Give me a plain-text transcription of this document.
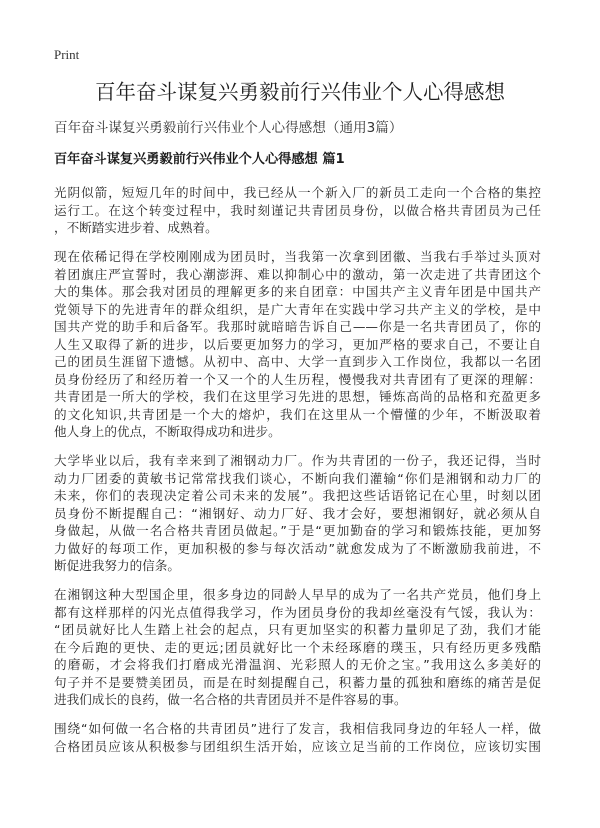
Print
百年奋斗谋复兴勇毅前行兴伟业个人心得感想
百年奋斗谋复兴勇毅前行兴伟业个人心得感想（通用3篇）
百年奋斗谋复兴勇毅前行兴伟业个人心得感想 篇1
光阴似箭，短短几年的时间中，我已经从一个新入厂的新员工走向一个合格的集控
运行工。在这个转变过程中，我时刻谨记共青团员身份，以做合格共青团员为己任
，不断踏实进步着、成熟着。
现在依稀记得在学校刚刚成为团员时，当我第一次拿到团徽、当我右手举过头顶对
着团旗庄严宣誓时，我心潮澎湃、难以抑制心中的激动，第一次走进了共青团这个
大的集体。那会我对团员的理解更多的来自团章：中国共产主义青年团是中国共产
党领导下的先进青年的群众组织，是广大青年在实践中学习共产主义的学校，是中
国共产党的助手和后备军。我那时就暗暗告诉自己——你是一名共青团员了，你的
人生又取得了新的进步，以后要更加努力的学习，更加严格的要求自己，不要让自
己的团员生涯留下遗憾。从初中、高中、大学一直到步入工作岗位，我都以一名团
员身份经历了和经历着一个又一个的人生历程，慢慢我对共青团有了更深的理解：
共青团是一所大的学校，我们在这里学习先进的思想，锤炼高尚的品格和充盈更多
的文化知识,共青团是一个大的熔炉，我们在这里从一个懵懂的少年，不断汲取着
他人身上的优点，不断取得成功和进步。
大学毕业以后，我有幸来到了湘钢动力厂。作为共青团的一份子，我还记得，当时
动力厂团委的黄敏书记常常找我们谈心，不断向我们灌输“你们是湘钢和动力厂的
未来，你们的表现决定着公司未来的发展”。我把这些话语铭记在心里，时刻以团
员身份不断提醒自己：“湘钢好、动力厂好、我才会好，要想湘钢好，就必须从自
身做起，从做一名合格共青团员做起。”于是“更加勤奋的学习和锻炼技能，更加努
力做好的每项工作，更加积极的参与每次活动”就愈发成为了不断激励我前进，不
断促进我努力的信条。
在湘钢这种大型国企里，很多身边的同龄人早早的成为了一名共产党员，他们身上
都有这样那样的闪光点值得我学习，作为团员身份的我却丝毫没有气馁，我认为：
“团员就好比人生踏上社会的起点，只有更加坚实的积蓄力量卯足了劲，我们才能
在今后跑的更快、走的更远;团员就好比一个未经琢磨的璞玉，只有经历更多残酷
的磨砺，才会将我们打磨成光滑温润、光彩照人的无价之宝。”我用这么多美好的
句子并不是要赞美团员，而是在时刻提醒自己，积蓄力量的孤独和磨练的痛苦是促
进我们成长的良药，做一名合格的共青团员并不是件容易的事。
围绕“如何做一名合格的共青团员”进行了发言，我相信我同身边的年轻人一样，做
合格团员应该从积极参与团组织生活开始，应该立足当前的工作岗位，应该切实围
